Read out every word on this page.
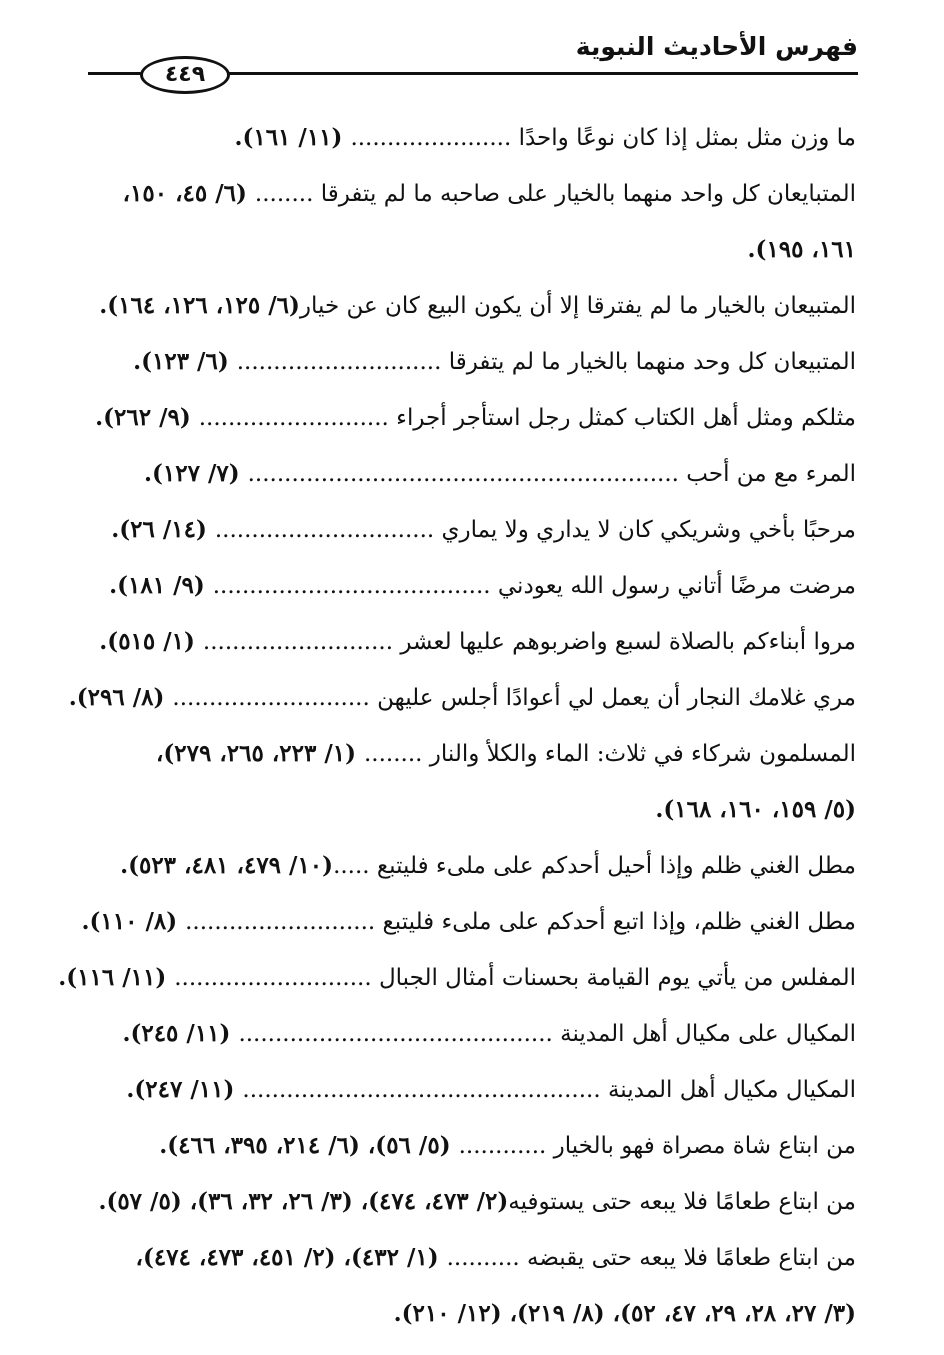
فهرس الأحاديث النبوية
٤٤٩
ما وزن مثل بمثل إذا كان نوعًا واحدًا ...................... (١١/ ١٦١).
المتبايعان كل واحد منهما بالخيار على صاحبه ما لم يتفرقا ........ (٦/ ٤٥، ١٥٠،
١٦١، ١٩٥).
المتبيعان بالخيار ما لم يفترقا إلا أن يكون البيع كان عن خيار(٦/ ١٢٥، ١٢٦، ١٦٤).
المتبيعان كل وحد منهما بالخيار ما لم يتفرقا ............................ (٦/ ١٢٣).
مثلكم ومثل أهل الكتاب كمثل رجل استأجر أجراء .......................... (٩/ ٢٦٢).
المرء مع من أحب ........................................................... (٧/ ١٢٧).
مرحبًا بأخي وشريكي كان لا يداري ولا يماري .............................. (١٤/ ٢٦).
مرضت مرضًا أتاني رسول الله يعودني ...................................... (٩/ ١٨١).
مروا أبناءكم بالصلاة لسبع واضربوهم عليها لعشر .......................... (١/ ٥١٥).
مري غلامك النجار أن يعمل لي أعوادًا أجلس عليهن ........................... (٨/ ٢٩٦).
المسلمون شركاء في ثلاث: الماء والكلأ والنار ........ (١/ ٢٢٣، ٢٦٥، ٢٧٩)،
(٥/ ١٥٩، ١٦٠، ١٦٨).
مطل الغني ظلم وإذا أحيل أحدكم على ملىء فليتبع .....(١٠/ ٤٧٩، ٤٨١، ٥٢٣).
مطل الغني ظلم، وإذا اتبع أحدكم على ملىء فليتبع .......................... (٨/ ١١٠).
المفلس من يأتي يوم القيامة بحسنات أمثال الجبال ........................... (١١/ ١١٦).
المكيال على مكيال أهل المدينة ........................................... (١١/ ٢٤٥).
المكيال مكيال أهل المدينة ................................................. (١١/ ٢٤٧).
من ابتاع شاة مصراة فهو بالخيار ............ (٥/ ٥٦)، (٦/ ٢١٤، ٣٩٥، ٤٦٦).
من ابتاع طعامًا فلا يبعه حتى يستوفيه(٢/ ٤٧٣، ٤٧٤)، (٣/ ٢٦، ٣٢، ٣٦)، (٥/ ٥٧).
من ابتاع طعامًا فلا يبعه حتى يقبضه .......... (١/ ٤٣٢)، (٢/ ٤٥١، ٤٧٣، ٤٧٤)،
(٣/ ٢٧، ٢٨، ٢٩، ٤٧، ٥٢)، (٨/ ٢١٩)، (١٢/ ٢١٠).
